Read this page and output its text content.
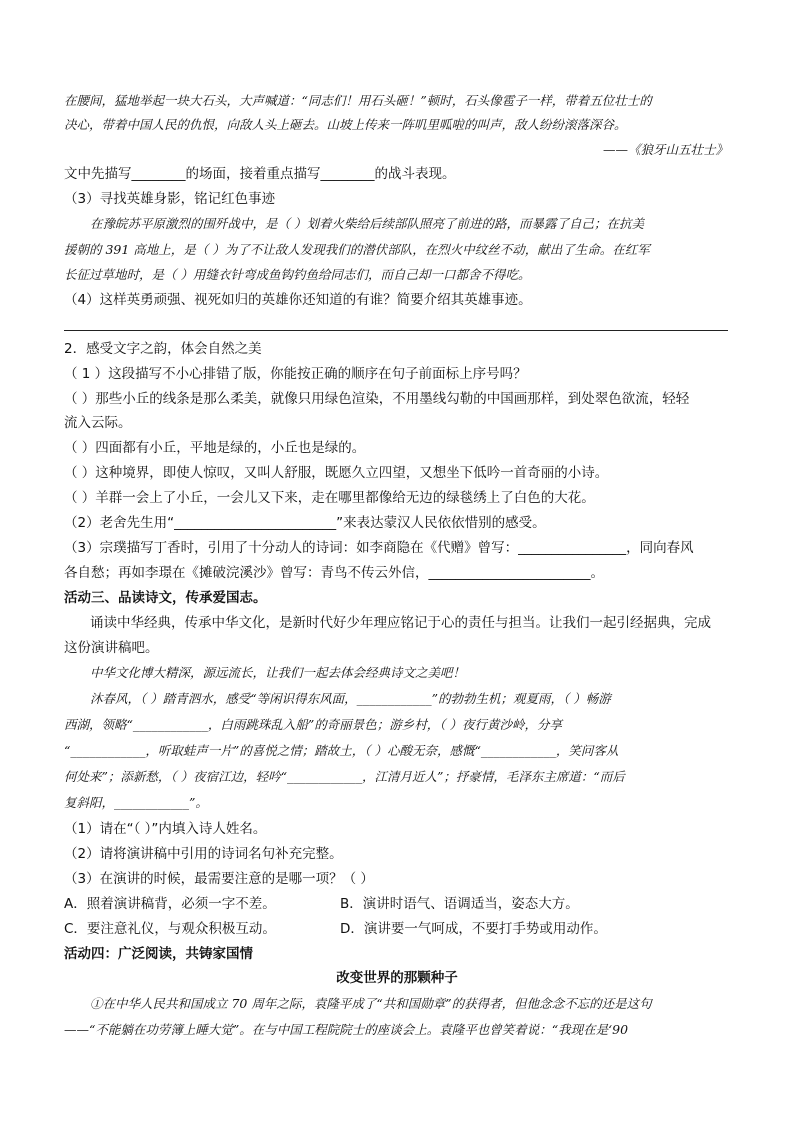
在腰间，猛地举起一块大石头，大声喊道：“同志们！用石头砸！”顿时，石头像雹子一样，带着五位壮士的
决心，带着中国人民的仇恨，向敌人头上砸去。山坡上传来一阵叽里呱啦的叫声，敌人纷纷滚落深谷。
——《狼牙山五壮士》
文中先描写________的场面，接着重点描写________的战斗表现。
（3）寻找英雄身影，铭记红色事迹
在豫皖苏平原激烈的围歼战中，是（ ）划着火柴给后续部队照亮了前进的路，而暴露了自己；在抗美
援朝的 391 高地上，是（ ）为了不让敌人发现我们的潜伏部队，在烈火中纹丝不动，献出了生命。在红军
长征过草地时，是（ ）用缝衣针弯成鱼钩钓鱼给同志们，而自己却一口都舍不得吃。
（4）这样英勇顽强、视死如归的英雄你还知道的有谁？简要介绍其英雄事迹。
2．感受文字之韵，体会自然之美
（ 1 ）这段描写不小心排错了版，你能按正确的顺序在句子前面标上序号吗？
（ ）那些小丘的线条是那么柔美，就像只用绿色渲染，不用墨线勾勒的中国画那样，到处翠色欲流，轻轻
流入云际。
（ ）四面都有小丘，平地是绿的，小丘也是绿的。
（ ）这种境界，即使人惊叹，又叫人舒服，既愿久立四望，又想坐下低吟一首奇丽的小诗。
（ ）羊群一会上了小丘，一会儿又下来，走在哪里都像给无边的绿毯绣上了白色的大花。
（2）老舍先生用“________________________”来表达蒙汉人民依依惜别的感受。
（3）宗璞描写丁香时，引用了十分动人的诗词：如李商隐在《代赠》曾写：________________，同向春风
各自愁；再如李璟在《摊破浣溪沙》曾写：青鸟不传云外信，________________________。
活动三、品读诗文，传承爱国志。
诵读中华经典，传承中华文化，是新时代好少年理应铭记于心的责任与担当。让我们一起引经据典，完成
这份演讲稿吧。
中华文化博大精深，源远流长，让我们一起去体会经典诗文之美吧！
沐春风，（ ）踏青泗水，感受“等闲识得东风面，____________”的勃勃生机；观夏雨，（ ）畅游
西湖，领略“____________，白雨跳珠乱入船”的奇丽景色；游乡村，（ ）夜行黄沙岭，分享
“____________，听取蛙声一片”的喜悦之情；踏故土，（ ）心酸无奈，感慨“____________，笑问客从
何处来”；添新愁，（ ）夜宿江边，轻吟“____________，江清月近人”；抒豪情，毛泽东主席道：“而后
复斜阳，____________”。
（1）请在“（ ）”内填入诗人姓名。
（2）请将演讲稿中引用的诗词名句补充完整。
（3）在演讲的时候，最需要注意的是哪一项？（ ）
A．照着演讲稿背，必须一字不差。	B．演讲时语气、语调适当，姿态大方。
C．要注意礼仪，与观众积极互动。	D．演讲要一气呵成，不要打手势或用动作。
活动四：广泛阅读，共铸家国情
改变世界的那颗种子
①在中华人民共和国成立 70 周年之际，袁隆平成了“共和国勋章”的获得者，但他念念不忘的还是这句
——“不能躺在功劳簿上睡大觉”。在与中国工程院院士的座谈会上。袁隆平也曾笑着说：“我现在是‘90
